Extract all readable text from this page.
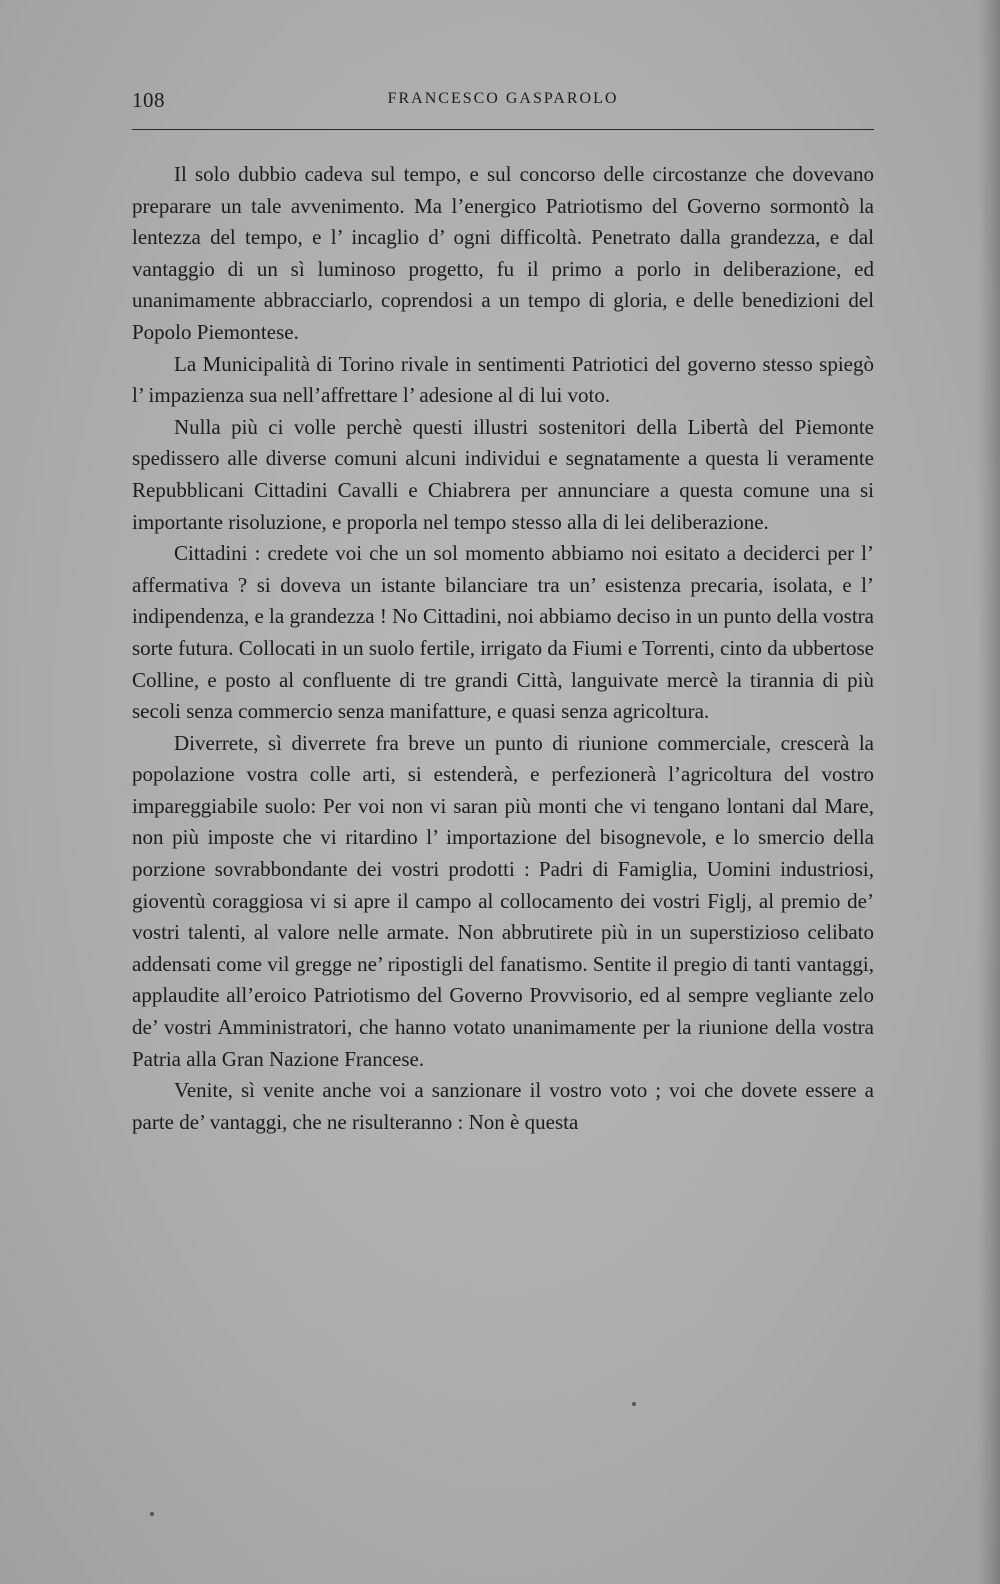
108	FRANCESCO GASPAROLO

Il solo dubbio cadeva sul tempo, e sul concorso delle circostanze che dovevano preparare un tale avvenimento. Ma l’energico Patriotismo del Governo sormontò la lentezza del tempo, e l’ incaglio d’ ogni difficoltà. Penetrato dalla grandezza, e dal vantaggio di un sì luminoso progetto, fu il primo a porlo in deliberazione, ed unanimamente abbracciarlo, coprendosi a un tempo di gloria, e delle benedizioni del Popolo Piemontese.

La Municipalità di Torino rivale in sentimenti Patriotici del governo stesso spiegò l’ impazienza sua nell’affrettare l’ adesione al di lui voto.

Nulla più ci volle perchè questi illustri sostenitori della Libertà del Piemonte spedissero alle diverse comuni alcuni individui e segnatamente a questa li veramente Repubblicani Cittadini Cavalli e Chiabrera per annunciare a questa comune una si importante risoluzione, e proporla nel tempo stesso alla di lei deliberazione.

Cittadini : credete voi che un sol momento abbiamo noi esitato a deciderci per l’ affermativa ? si doveva un istante bilanciare tra un’ esistenza precaria, isolata, e l’ indipendenza, e la grandezza ! No Cittadini, noi abbiamo deciso in un punto della vostra sorte futura. Collocati in un suolo fertile, irrigato da Fiumi e Torrenti, cinto da ubbertose Colline, e posto al confluente di tre grandi Città, languivate mercè la tirannia di più secoli senza commercio senza manifatture, e quasi senza agricoltura.

Diverrete, sì diverrete fra breve un punto di riunione commerciale, crescerà la popolazione vostra colle arti, si estenderà, e perfezionerà l’agricoltura del vostro impareggiabile suolo: Per voi non vi saran più monti che vi tengano lontani dal Mare, non più imposte che vi ritardino l’ importazione del bisognevole, e lo smercio della porzione sovrabbondante dei vostri prodotti : Padri di Famiglia, Uomini industriosi, gioventù coraggiosa vi si apre il campo al collocamento dei vostri Figlj, al premio de’ vostri talenti, al valore nelle armate. Non abbrutirete più in un superstizioso celibato addensati come vil gregge ne’ ripostigli del fanatismo. Sentite il pregio di tanti vantaggi, applaudite all’eroico Patriotismo del Governo Provvisorio, ed al sempre vegliante zelo de’ vostri Amministratori, che hanno votato unanimamente per la riunione della vostra Patria alla Gran Nazione Francese.

Venite, sì venite anche voi a sanzionare il vostro voto ; voi che dovete essere a parte de’ vantaggi, che ne risulteranno : Non è questa
